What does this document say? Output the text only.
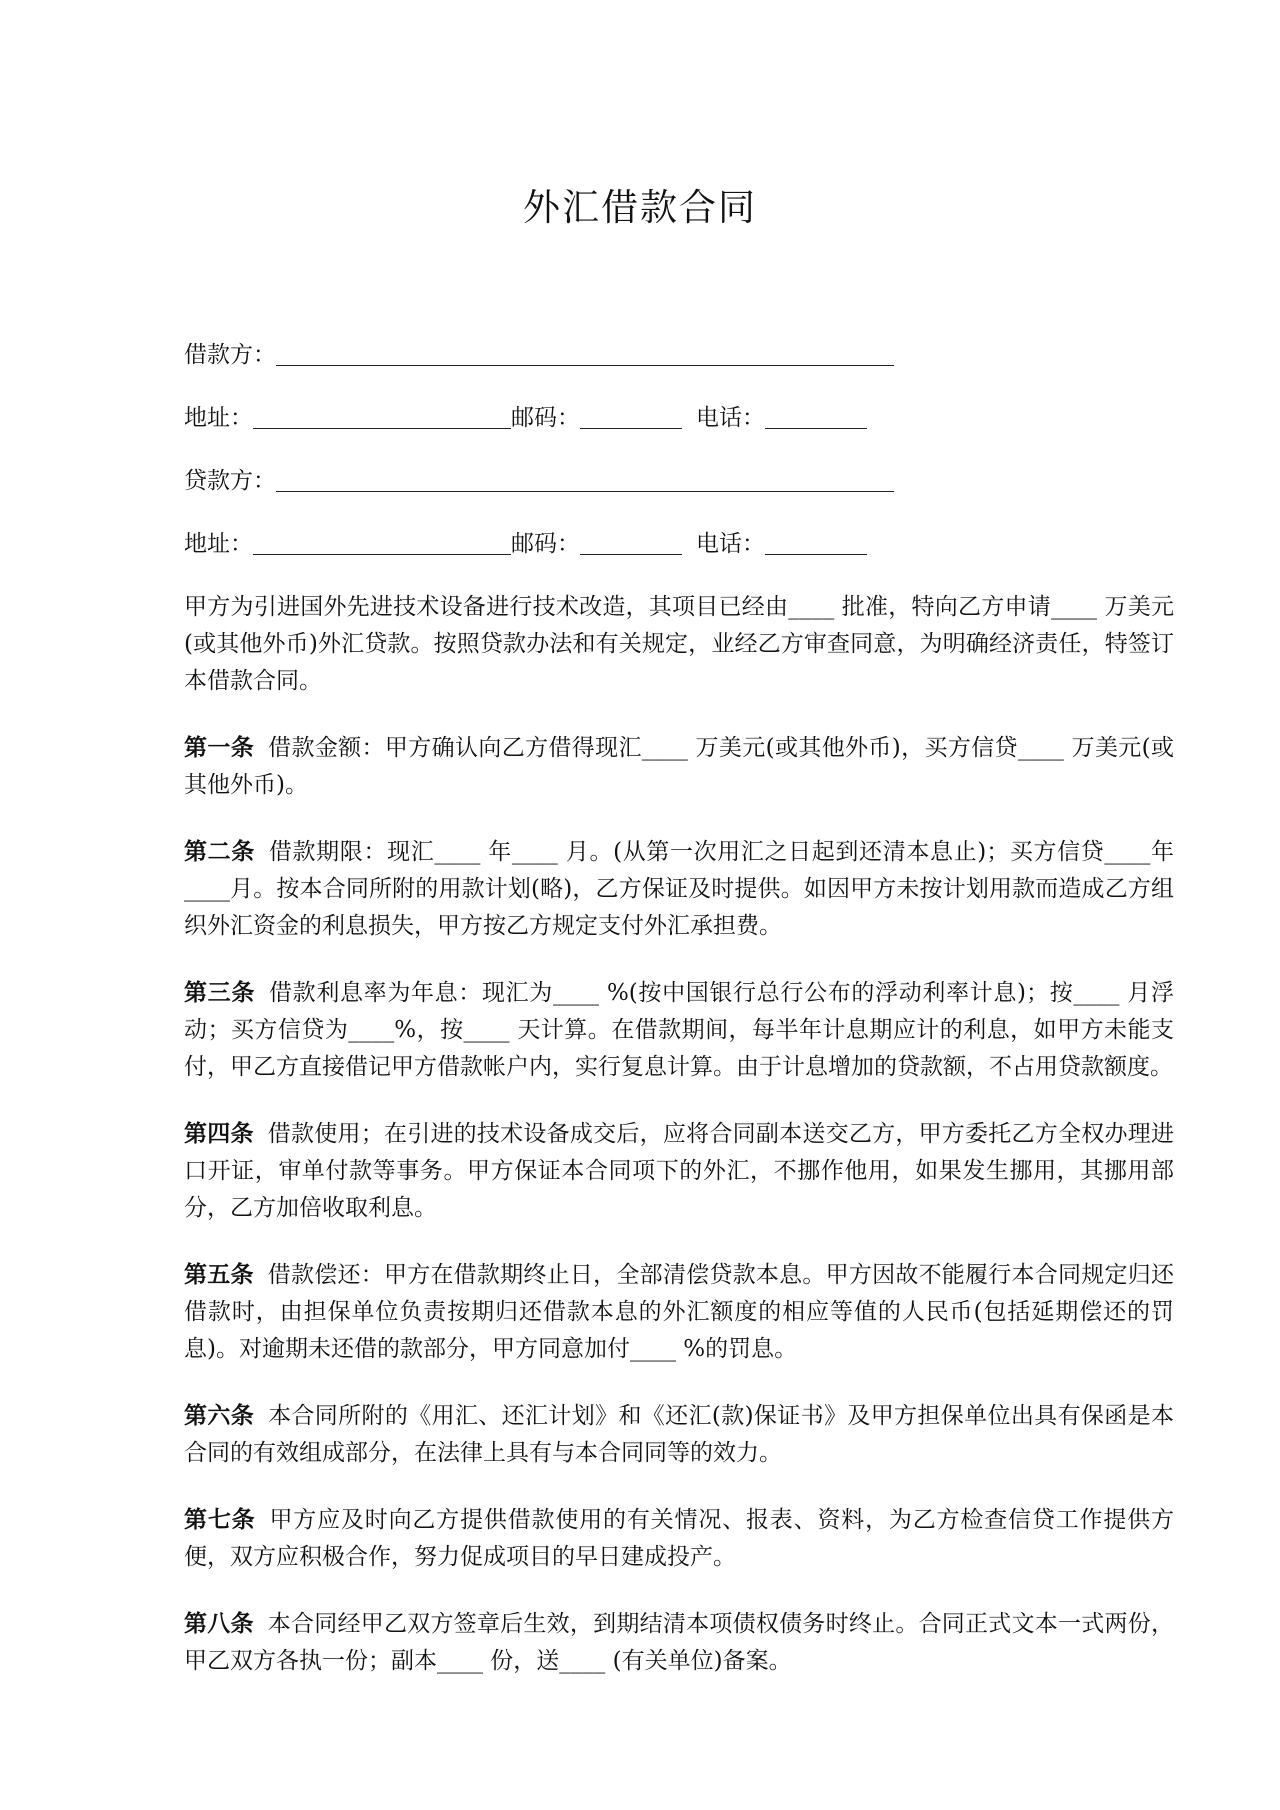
外汇借款合同
借款方：
地址：	邮码：	电话：
贷款方：
地址：	邮码：	电话：

甲方为引进国外先进技术设备进行技术改造，其项目已经由____ 批准，特向乙方申请____ 万美元(或其他外币)外汇贷款。按照贷款办法和有关规定，业经乙方审查同意，为明确经济责任，特签订本借款合同。

第一条 借款金额：甲方确认向乙方借得现汇____ 万美元(或其他外币)，买方信贷____ 万美元(或其他外币)。

第二条 借款期限：现汇____ 年____ 月。(从第一次用汇之日起到还清本息止)；买方信贷____年____月。按本合同所附的用款计划(略)，乙方保证及时提供。如因甲方未按计划用款而造成乙方组织外汇资金的利息损失，甲方按乙方规定支付外汇承担费。

第三条 借款利息率为年息：现汇为____ %(按中国银行总行公布的浮动利率计息)；按____ 月浮动；买方信贷为____%，按____ 天计算。在借款期间，每半年计息期应计的利息，如甲方未能支付，甲乙方直接借记甲方借款帐户内，实行复息计算。由于计息增加的贷款额，不占用贷款额度。

第四条 借款使用；在引进的技术设备成交后，应将合同副本送交乙方，甲方委托乙方全权办理进口开证，审单付款等事务。甲方保证本合同项下的外汇，不挪作他用，如果发生挪用，其挪用部分，乙方加倍收取利息。

第五条 借款偿还：甲方在借款期终止日，全部清偿贷款本息。甲方因故不能履行本合同规定归还借款时，由担保单位负责按期归还借款本息的外汇额度的相应等值的人民币(包括延期偿还的罚息)。对逾期未还借的款部分，甲方同意加付____ %的罚息。

第六条 本合同所附的《用汇、还汇计划》和《还汇(款)保证书》及甲方担保单位出具有保函是本合同的有效组成部分，在法律上具有与本合同同等的效力。

第七条 甲方应及时向乙方提供借款使用的有关情况、报表、资料，为乙方检查信贷工作提供方便，双方应积极合作，努力促成项目的早日建成投产。

第八条 本合同经甲乙双方签章后生效，到期结清本项债权债务时终止。合同正式文本一式两份，甲乙双方各执一份；副本____ 份，送____ (有关单位)备案。
